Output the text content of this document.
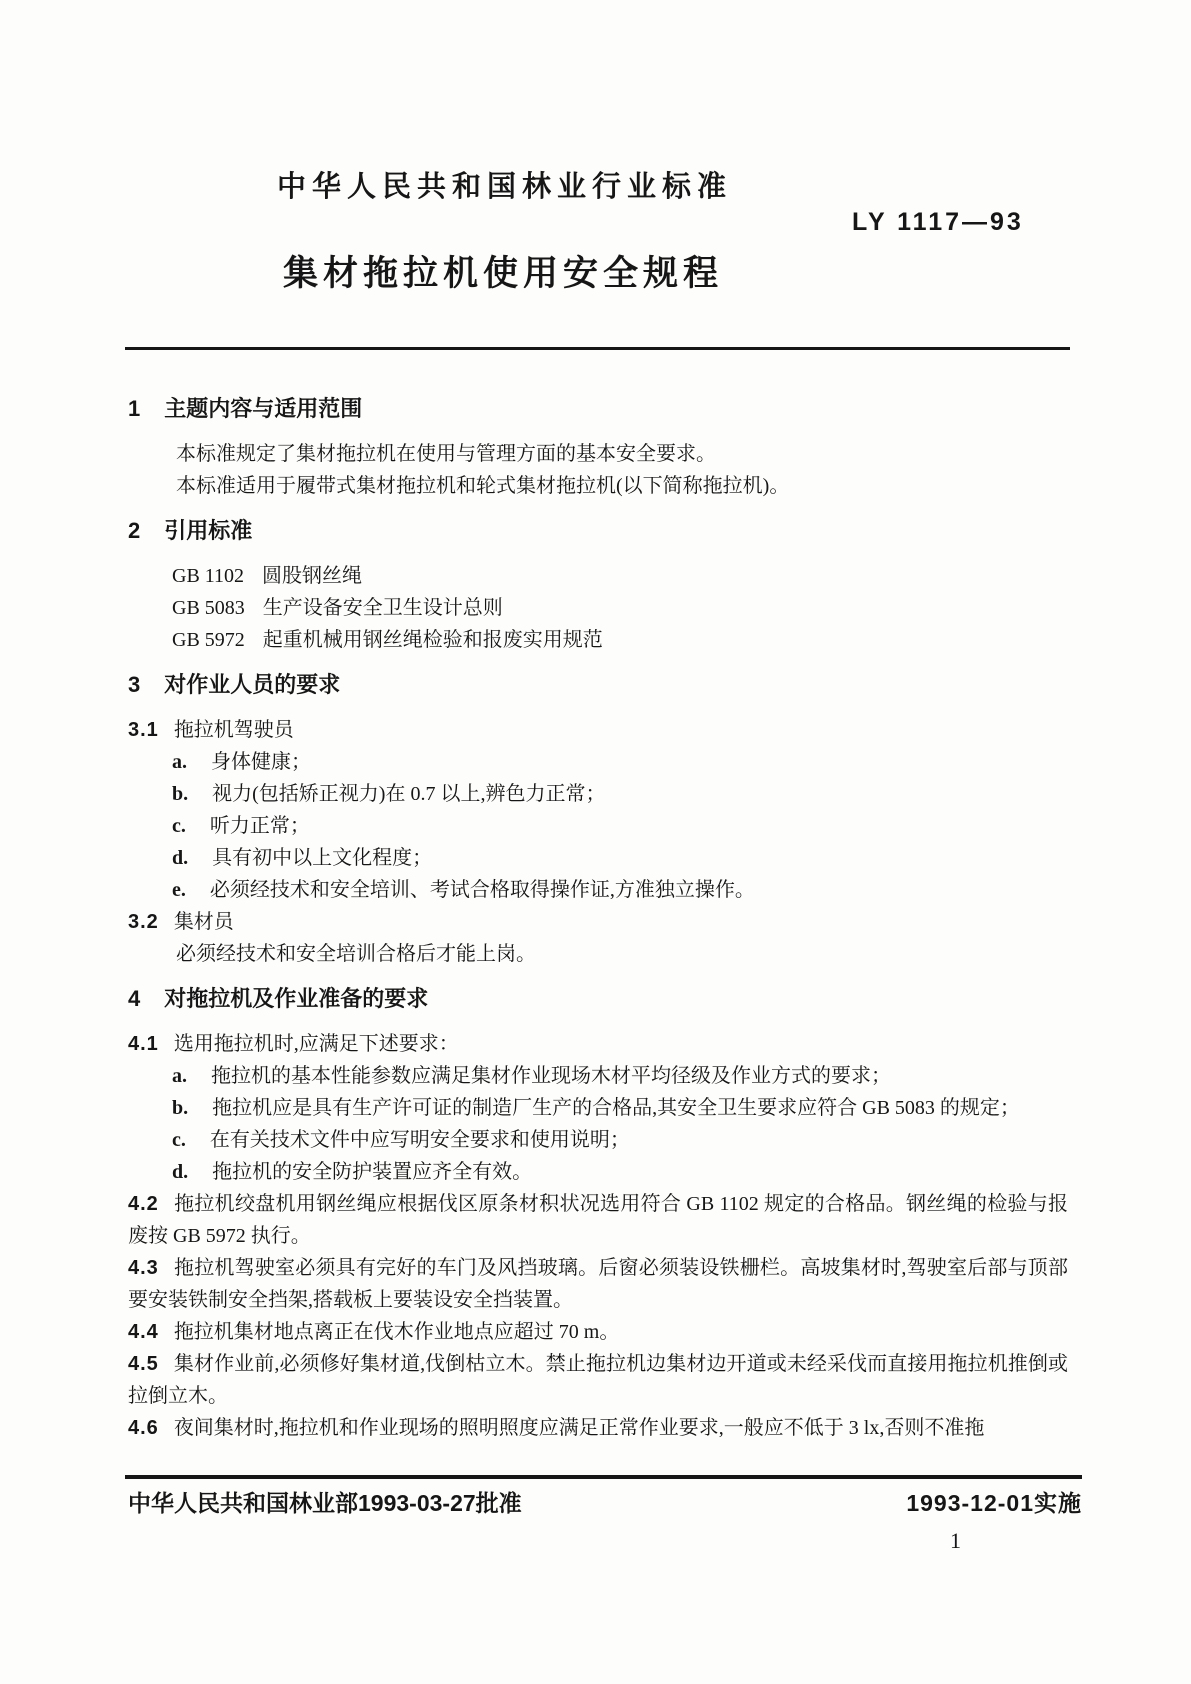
中华人民共和国林业行业标准
LY 1117—93
集材拖拉机使用安全规程

1 主题内容与适用范围

本标准规定了集材拖拉机在使用与管理方面的基本安全要求。

本标准适用于履带式集材拖拉机和轮式集材拖拉机(以下简称拖拉机)。

2 引用标准

GB 1102 圆股钢丝绳

GB 5083 生产设备安全卫生设计总则

GB 5972 起重机械用钢丝绳检验和报废实用规范

3 对作业人员的要求

3.1 拖拉机驾驶员

a. 身体健康；

b. 视力(包括矫正视力)在 0.7 以上,辨色力正常；

c. 听力正常；

d. 具有初中以上文化程度；

e. 必须经技术和安全培训、考试合格取得操作证,方准独立操作。

3.2 集材员

必须经技术和安全培训合格后才能上岗。

4 对拖拉机及作业准备的要求

4.1 选用拖拉机时,应满足下述要求：

a. 拖拉机的基本性能参数应满足集材作业现场木材平均径级及作业方式的要求；

b. 拖拉机应是具有生产许可证的制造厂生产的合格品,其安全卫生要求应符合 GB 5083 的规定；

c. 在有关技术文件中应写明安全要求和使用说明；

d. 拖拉机的安全防护装置应齐全有效。

4.2 拖拉机绞盘机用钢丝绳应根据伐区原条材积状况选用符合 GB 1102 规定的合格品。钢丝绳的检验与报废按 GB 5972 执行。

4.3 拖拉机驾驶室必须具有完好的车门及风挡玻璃。后窗必须装设铁栅栏。高坡集材时,驾驶室后部与顶部要安装铁制安全挡架,搭载板上要装设安全挡装置。

4.4 拖拉机集材地点离正在伐木作业地点应超过 70 m。

4.5 集材作业前,必须修好集材道,伐倒枯立木。禁止拖拉机边集材边开道或未经采伐而直接用拖拉机推倒或拉倒立木。

4.6 夜间集材时,拖拉机和作业现场的照明照度应满足正常作业要求,一般应不低于 3 lx,否则不准拖

中华人民共和国林业部1993-03-27批准	1993-12-01实施
1
